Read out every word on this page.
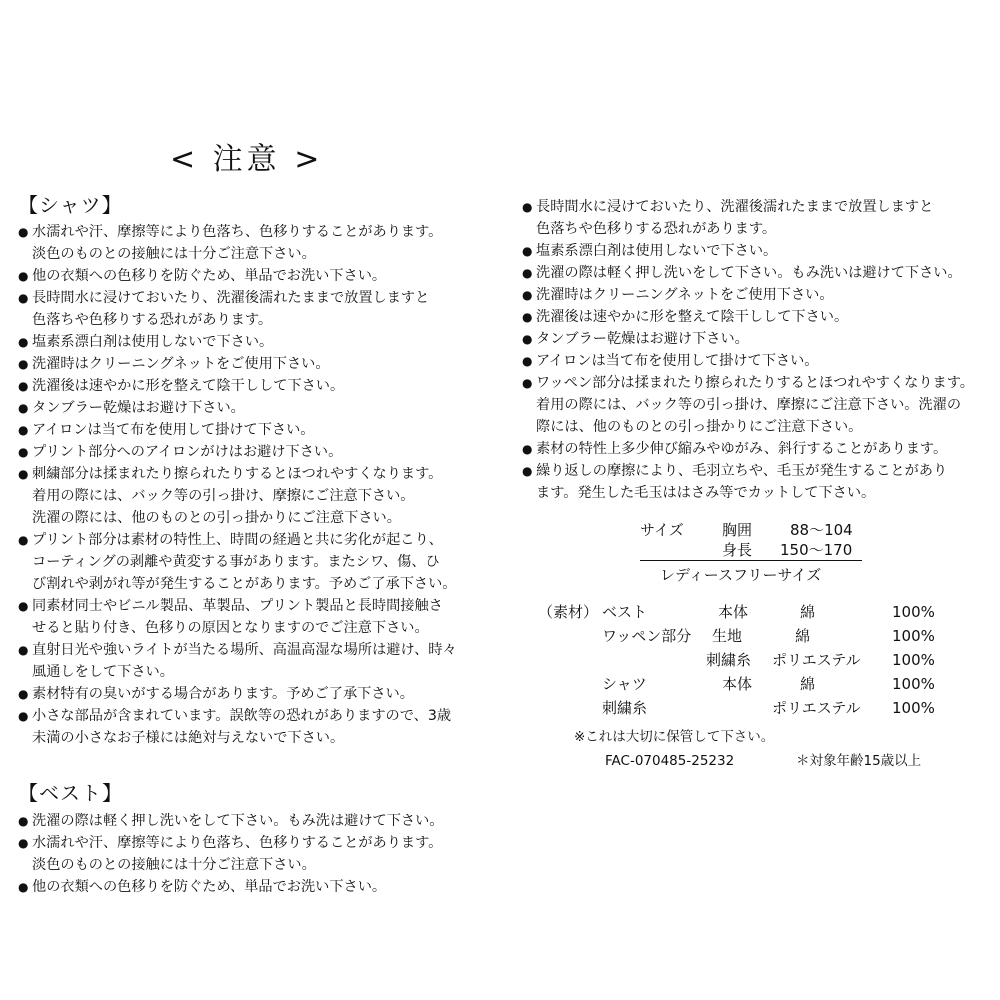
< 注意 >
【シャツ】
● 水濡れや汗、摩擦等により色落ち、色移りすることがあります。
淡色のものとの接触には十分ご注意下さい。
● 他の衣類への色移りを防ぐため、単品でお洗い下さい。
● 長時間水に浸けておいたり、洗濯後濡れたままで放置しますと
色落ちや色移りする恐れがあります。
● 塩素系漂白剤は使用しないで下さい。
● 洗濯時はクリーニングネットをご使用下さい。
● 洗濯後は速やかに形を整えて陰干しして下さい。
● タンブラー乾燥はお避け下さい。
● アイロンは当て布を使用して掛けて下さい。
● プリント部分へのアイロンがけはお避け下さい。
● 刺繍部分は揉まれたり擦られたりするとほつれやすくなります。
着用の際には、バック等の引っ掛け、摩擦にご注意下さい。
洗濯の際には、他のものとの引っ掛かりにご注意下さい。
● プリント部分は素材の特性上、時間の経過と共に劣化が起こり、
コーティングの剥離や黄変する事があります。またシワ、傷、ひ
び割れや剥がれ等が発生することがあります。予めご了承下さい。
● 同素材同士やビニル製品、革製品、プリント製品と長時間接触さ
せると貼り付き、色移りの原因となりますのでご注意下さい。
● 直射日光や強いライトが当たる場所、高温高湿な場所は避け、時々
風通しをして下さい。
● 素材特有の臭いがする場合があります。予めご了承下さい。
● 小さな部品が含まれています。誤飲等の恐れがありますので、3歳
未満の小さなお子様には絶対与えないで下さい。
【ベスト】
● 洗濯の際は軽く押し洗いをして下さい。もみ洗は避けて下さい。
● 水濡れや汗、摩擦等により色落ち、色移りすることがあります。
淡色のものとの接触には十分ご注意下さい。
● 他の衣類への色移りを防ぐため、単品でお洗い下さい。
● 長時間水に浸けておいたり、洗濯後濡れたままで放置しますと
色落ちや色移りする恐れがあります。
● 塩素系漂白剤は使用しないで下さい。
● 洗濯の際は軽く押し洗いをして下さい。もみ洗いは避けて下さい。
● 洗濯時はクリーニングネットをご使用下さい。
● 洗濯後は速やかに形を整えて陰干しして下さい。
● タンブラー乾燥はお避け下さい。
● アイロンは当て布を使用して掛けて下さい。
● ワッペン部分は揉まれたり擦られたりするとほつれやすくなります。
着用の際には、バック等の引っ掛け、摩擦にご注意下さい。洗濯の
際には、他のものとの引っ掛かりにご注意下さい。
● 素材の特性上多少伸び縮みやゆがみ、斜行することがあります。
● 繰り返しの摩擦により、毛羽立ちや、毛玉が発生することがあり
ます。発生した毛玉ははさみ等でカットして下さい。
サイズ	胸囲	88〜104
身長 150〜170
レディースフリーサイズ
（素材） ベスト	本体	綿	100%
ワッペン部分 生地	綿	100%
刺繍糸 ポリエステル 100%
シャツ	本体	綿	100%
刺繍糸	ポリエステル 100%
※これは大切に保管して下さい。
FAC-070485-25232	＊対象年齢15歳以上
